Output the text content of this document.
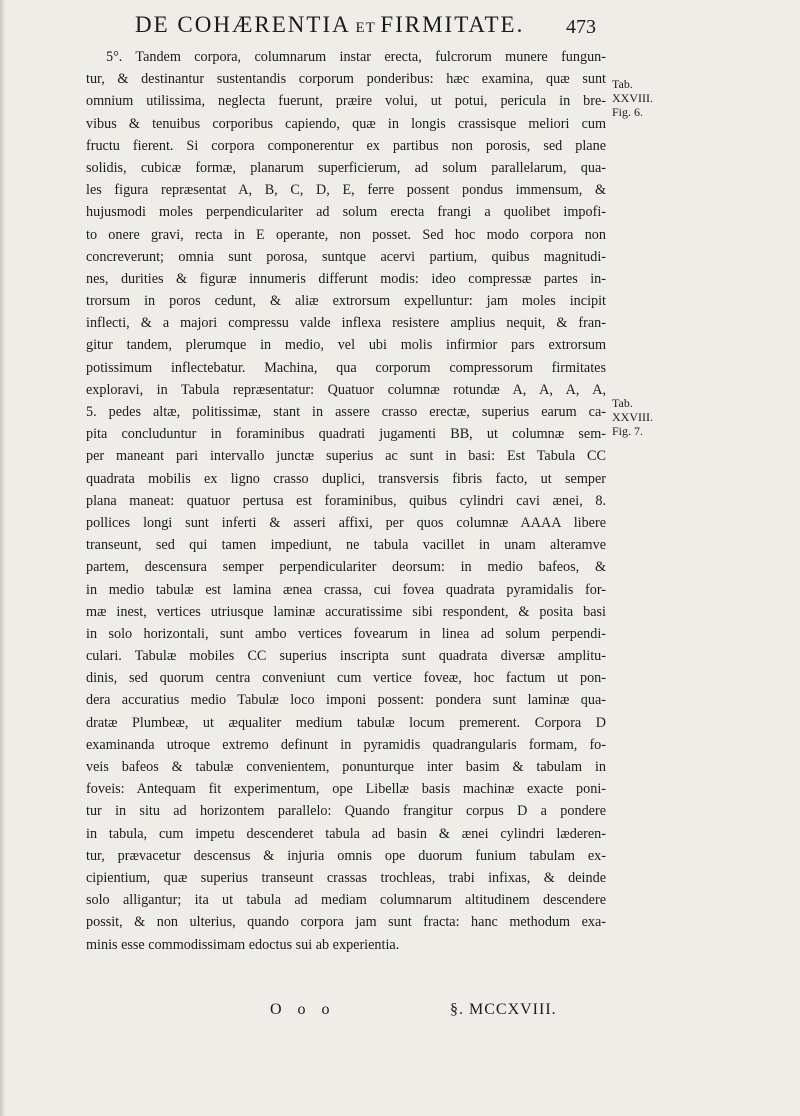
DE COHÆRENTIA ET FIRMITATE. 473
5°. Tandem corpora, columnarum instar erecta, fulcrorum munere fungun-
tur, & destinantur sustentandis corporum ponderibus: hæc examina, quæ sunt
omnium utilissima, neglecta fuerunt, præire volui, ut potui, pericula in bre-
vibus & tenuibus corporibus capiendo, quæ in longis crassisque meliori cum
fructu fierent. Si corpora componerentur ex partibus non porosis, sed plane
solidis, cubicæ formæ, planarum superficierum, ad solum parallelarum, qua-
les figura repræsentat A, B, C, D, E, ferre possent pondus immensum, &
hujusmodi moles perpendiculariter ad solum erecta frangi a quolibet impofi-
to onere gravi, recta in E operante, non posset. Sed hoc modo corpora non
concreverunt; omnia sunt porosa, suntque acervi partium, quibus magnitudi-
nes, durities & figuræ innumeris differunt modis: ideo compressæ partes in-
trorsum in poros cedunt, & aliæ extrorsum expelluntur: jam moles incipit
inflecti, & a majori compressu valde inflexa resistere amplius nequit, & fran-
gitur tandem, plerumque in medio, vel ubi molis infirmior pars extrorsum
potissimum inflectebatur. Machina, qua corporum compressorum firmitates
exploravi, in Tabula repræsentatur: Quatuor columnæ rotundæ A, A, A, A,
5. pedes altæ, politissimæ, stant in assere crasso erectæ, superius earum ca-
pita concluduntur in foraminibus quadrati jugamenti BB, ut columnæ sem-
per maneant pari intervallo junctæ superius ac sunt in basi: Est Tabula CC
quadrata mobilis ex ligno crasso duplici, transversis fibris facto, ut semper
plana maneat: quatuor pertusa est foraminibus, quibus cylindri cavi ænei, 8.
pollices longi sunt inferti & asseri affixi, per quos columnæ AAAA libere
transeunt, sed qui tamen impediunt, ne tabula vacillet in unam alteramve
partem, descensura semper perpendiculariter deorsum: in medio bafeos, &
in medio tabulæ est lamina ænea crassa, cui fovea quadrata pyramidalis for-
mæ inest, vertices utriusque laminæ accuratissime sibi respondent, & posita basi
in solo horizontali, sunt ambo vertices fovearum in linea ad solum perpendi-
culari. Tabulæ mobiles CC superius inscripta sunt quadrata diversæ amplitu-
dinis, sed quorum centra conveniunt cum vertice foveæ, hoc factum ut pon-
dera accuratius medio Tabulæ loco imponi possent: pondera sunt laminæ qua-
dratæ Plumbeæ, ut æqualiter medium tabulæ locum premerent. Corpora D
examinanda utroque extremo definunt in pyramidis quadrangularis formam, fo-
veis bafeos & tabulæ convenientem, ponunturque inter basim & tabulam in
foveis: Antequam fit experimentum, ope Libellæ basis machinæ exacte poni-
tur in situ ad horizontem parallelo: Quando frangitur corpus D a pondere
in tabula, cum impetu descenderet tabula ad basin & ænei cylindri læderen-
tur, prævacetur descensus & injuria omnis ope duorum funium tabulam ex-
cipientium, quæ superius transeunt crassas trochleas, trabi infixas, & deinde
solo alligantur; ita ut tabula ad mediam columnarum altitudinem descendere
possit, & non ulterius, quando corpora jam sunt fracta: hanc methodum exa-
minis esse commodissimam edoctus sui ab experientia.
Tab.
XXVIII.
Fig. 6.
Tab.
XXVIII.
Fig. 7.
O o o	§. MCCXVIII.
